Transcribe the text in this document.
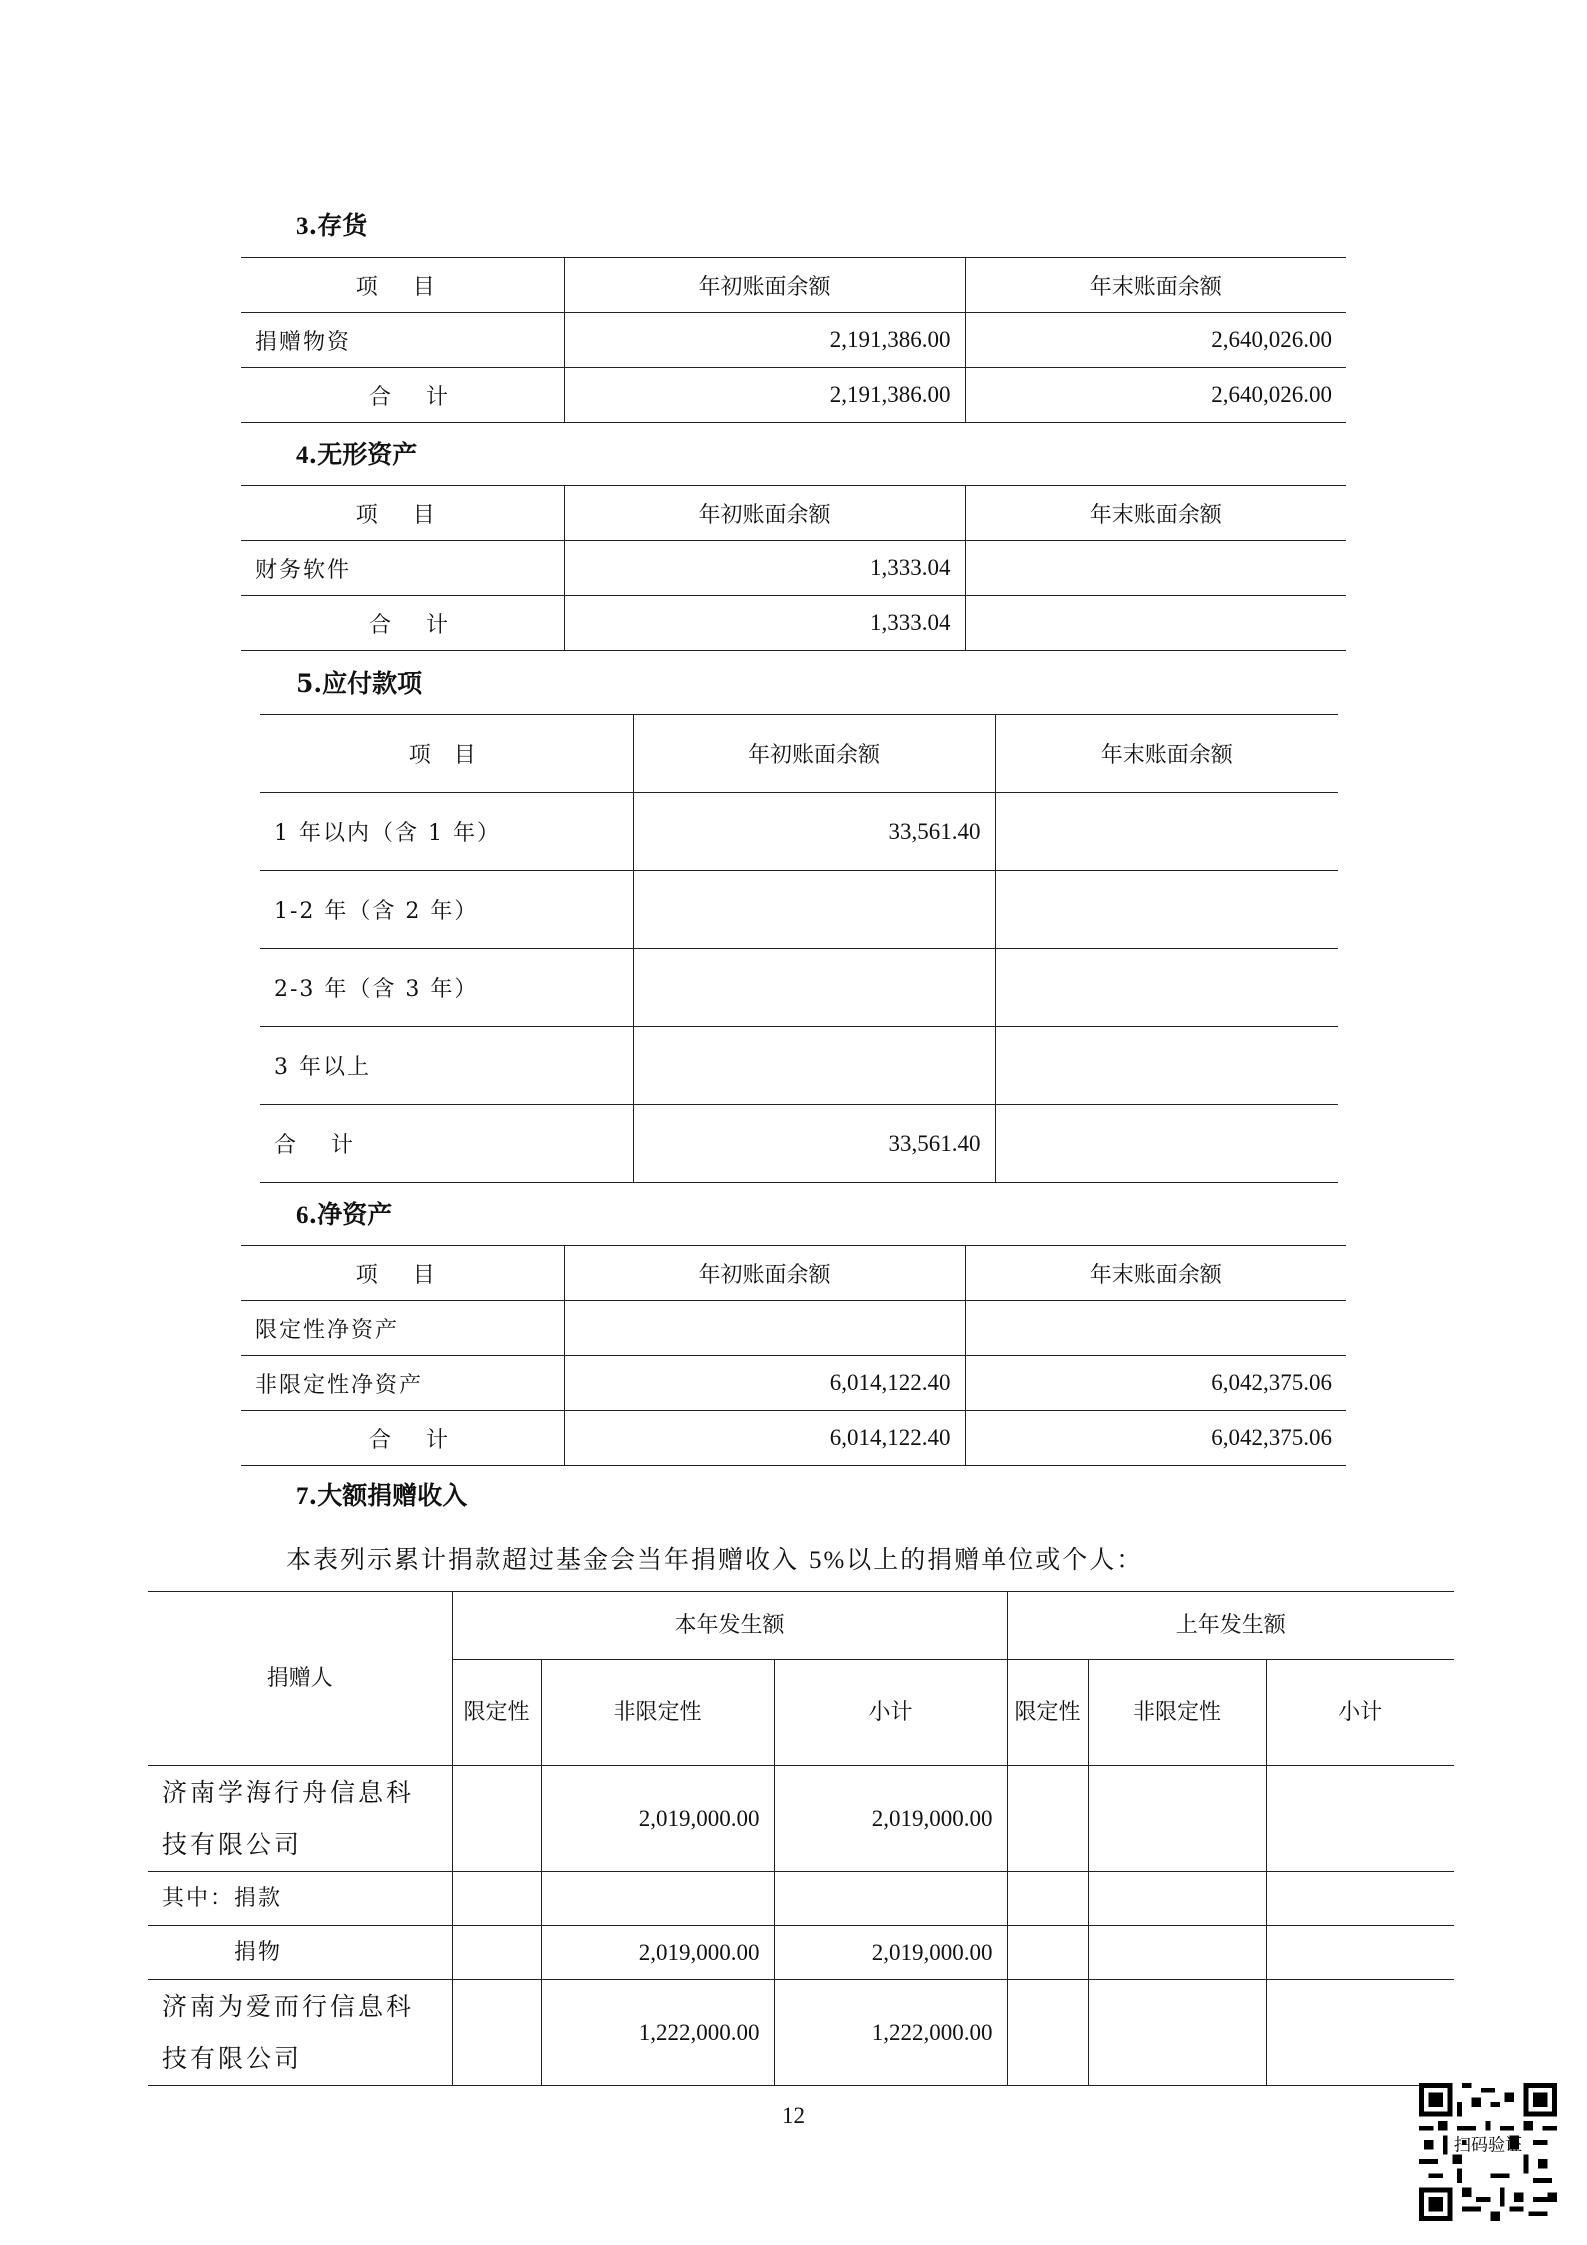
3.存货
项 目	年初账面余额	年末账面余额
捐赠物资	2,191,386.00	2,640,026.00
合 计	2,191,386.00	2,640,026.00
4.无形资产
项 目	年初账面余额	年末账面余额
财务软件	1,333.04	
合 计	1,333.04	
5.应付款项
项 目	年初账面余额	年末账面余额
1 年以内（含 1 年）	33,561.40	
1-2 年（含 2 年）		
2-3 年（含 3 年）		
3 年以上		
合 计	33,561.40	
6.净资产
项 目	年初账面余额	年末账面余额
限定性净资产		
非限定性净资产	6,014,122.40	6,042,375.06
合 计	6,014,122.40	6,042,375.06
7.大额捐赠收入
本表列示累计捐款超过基金会当年捐赠收入 5%以上的捐赠单位或个人：
捐赠人	本年发生额			上年发生额		
	限定性	非限定性	小计	限定性	非限定性	小计
济南学海行舟信息科技有限公司		2,019,000.00	2,019,000.00			
其中：捐款						
捐物		2,019,000.00	2,019,000.00			
济南为爱而行信息科技有限公司		1,222,000.00	1,222,000.00			
12
扫码验证
